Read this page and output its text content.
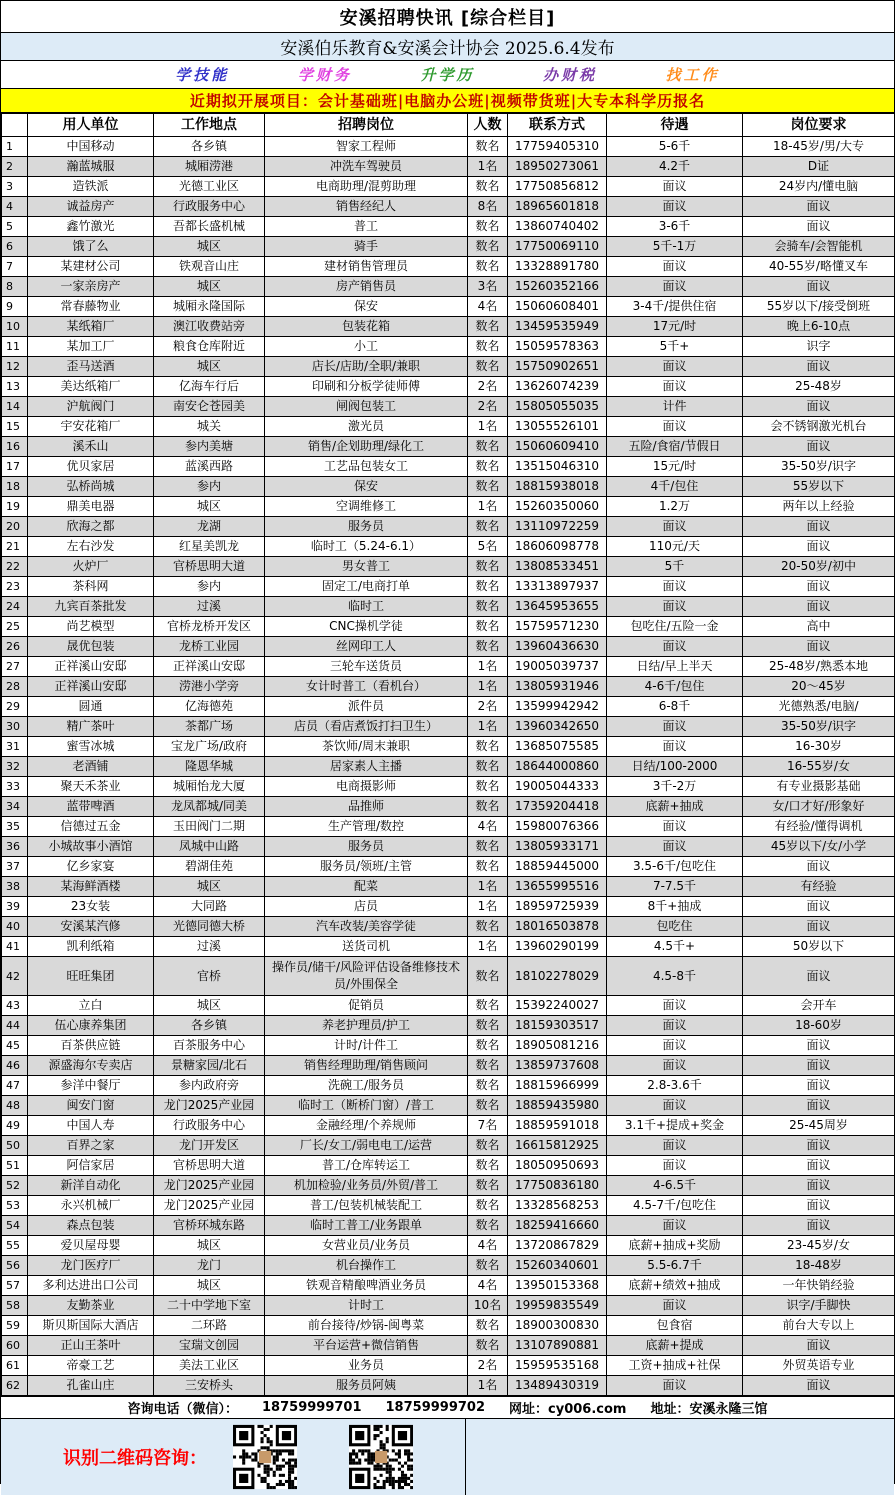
安溪招聘快讯 [综合栏目]
安溪伯乐教育&安溪会计协会 2025.6.4发布
学技能	学财务	升学历	办财税	找工作
近期拟开展项目：会计基础班|电脑办公班|视频带货班|大专本科学历报名
	用人单位	工作地点	招聘岗位	人数	联系方式	待遇	岗位要求
1	中国移动	各乡镇	智家工程师	数名	17759405310	5-6千	18-45岁/男/大专
2	瀚蓝城服	城厢涝港	冲洗车驾驶员	1名	18950273061	4.2千	D证
3	造铁派	光德工业区	电商助理/混剪助理	数名	17750856812	面议	24岁内/懂电脑
4	诚益房产	行政服务中心	销售经纪人	8名	18965601818	面议	面议
5	鑫竹激光	吾都长盛机械	普工	数名	13860740402	3-6千	面议
6	饿了么	城区	骑手	数名	17750069110	5千-1万	会骑车/会智能机
7	某建材公司	铁观音山庄	建材销售管理员	数名	13328891780	面议	40-55岁/略懂叉车
8	一家亲房产	城区	房产销售员	3名	15260352166	面议	面议
9	常春藤物业	城厢永隆国际	保安	4名	15060608401	3-4千/提供住宿	55岁以下/接受倒班
10	某纸箱厂	澳江收费站旁	包装花箱	数名	13459535949	17元/时	晚上6-10点
11	某加工厂	粮食仓库附近	小工	数名	15059578363	5千+	识字
12	歪马送酒	城区	店长/店助/全职/兼职	数名	15750902651	面议	面议
13	美达纸箱厂	亿海车行后	印刷和分板学徒师傅	2名	13626074239	面议	25-48岁
14	沪航阀门	南安仑苍园美	闸阀包装工	2名	15805055035	计件	面议
15	宇安花箱厂	城关	激光员	1名	13055526101	面议	会不锈钢激光机台
16	溪禾山	参内美塘	销售/企划助理/绿化工	数名	15060609410	五险/食宿/节假日	面议
17	优贝家居	蓝溪西路	工艺品包装女工	数名	13515046310	15元/时	35-50岁/识字
18	弘桥尚城	参内	保安	数名	18815938018	4千/包住	55岁以下
19	鼎美电器	城区	空调维修工	1名	15260350060	1.2万	两年以上经验
20	欣海之都	龙湖	服务员	数名	13110972259	面议	面议
21	左右沙发	红星美凯龙	临时工（5.24-6.1）	5名	18606098778	110元/天	面议
22	火炉厂	官桥思明大道	男女普工	数名	13808533451	5千	20-50岁/初中
23	茶科网	参内	固定工/电商打单	数名	13313897937	面议	面议
24	九宾百茶批发	过溪	临时工	数名	13645953655	面议	面议
25	尚艺模型	官桥龙桥开发区	CNC操机学徒	数名	15759571230	包吃住/五险一金	高中
26	晟优包装	龙桥工业园	丝网印工人	数名	13960436630	面议	面议
27	正祥溪山安邸	正祥溪山安邸	三轮车送货员	1名	19005039737	日结/早上半天	25-48岁/熟悉本地
28	正祥溪山安邸	涝港小学旁	女计时普工（看机台）	1名	13805931946	4-6千/包住	20～45岁
29	圆通	亿海德苑	派件员	2名	13599942942	6-8千	光德熟悉/电脑/
30	精广茶叶	茶都广场	店员（看店煮饭打扫卫生）	1名	13960342650	面议	35-50岁/识字
31	蜜雪冰城	宝龙广场/政府	茶饮师/周末兼职	数名	13685075585	面议	16-30岁
32	老酒铺	隆恩华城	居家素人主播	数名	18644000860	日结/100-2000	16-55岁/女
33	聚天禾茶业	城厢怡龙大厦	电商摄影师	数名	19005044333	3千-2万	有专业摄影基础
34	蓝带啤酒	龙凤都城/同美	品推师	数名	17359204418	底薪+抽成	女/口才好/形象好
35	信德过五金	玉田阀门二期	生产管理/数控	4名	15980076366	面议	有经验/懂得调机
36	小城故事小酒馆	凤城中山路	服务员	数名	13805933171	面议	45岁以下/女/小学
37	亿乡家宴	碧湖佳苑	服务员/领班/主管	数名	18859445000	3.5-6千/包吃住	面议
38	某海鲜酒楼	城区	配菜	1名	13655995516	7-7.5千	有经验
39	23女装	大同路	店员	1名	18959725939	8千+抽成	面议
40	安溪某汽修	光德同德大桥	汽车改装/美容学徒	数名	18016503878	包吃住	面议
41	凯利纸箱	过溪	送货司机	1名	13960290199	4.5千+	50岁以下
42	旺旺集团	官桥	操作员/储干/风险评估设备维修技术员/外围保全	数名	18102278029	4.5-8千	面议
43	立白	城区	促销员	数名	15392240027	面议	会开车
44	伍心康养集团	各乡镇	养老护理员/护工	数名	18159303517	面议	18-60岁
45	百茶供应链	百茶服务中心	计时/计件工	数名	18905081216	面议	面议
46	源盛海尔专卖店	景糖家园/北石	销售经理助理/销售顾问	数名	13859737608	面议	面议
47	参洋中餐厅	参内政府旁	洗碗工/服务员	数名	18815966999	2.8-3.6千	面议
48	闽安门窗	龙门2025产业园	临时工（断桥门窗）/普工	数名	18859435980	面议	面议
49	中国人寿	行政服务中心	金融经理/个养规师	7名	18859591018	3.1千+提成+奖金	25-45周岁
50	百界之家	龙门开发区	厂长/女工/弱电电工/运营	数名	16615812925	面议	面议
51	阿信家居	官桥思明大道	普工/仓库转运工	数名	18050950693	面议	面议
52	新洋自动化	龙门2025产业园	机加检验/业务员/外贸/普工	数名	17750836180	4-6.5千	面议
53	永兴机械厂	龙门2025产业园	普工/包装机械装配工	数名	13328568253	4.5-7千/包吃住	面议
54	森点包装	官桥环城东路	临时工普工/业务跟单	数名	18259416660	面议	面议
55	爱贝屋母婴	城区	女营业员/业务员	4名	13720867829	底薪+抽成+奖励	23-45岁/女
56	龙门医疗厂	龙门	机台操作工	数名	15260340601	5.5-6.7千	18-48岁
57	多利达进出口公司	城区	铁观音精酿啤酒业务员	4名	13950153368	底薪+绩效+抽成	一年快销经验
58	友勤茶业	二十中学地下室	计时工	10名	19959835549	面议	识字/手脚快
59	斯贝斯国际大酒店	二环路	前台接待/炒锅-闽粤菜	数名	18900300830	包食宿	前台大专以上
60	正山王茶叶	宝瑞文创园	平台运营+微信销售	数名	13107890881	底薪+提成	面议
61	帝豪工艺	美法工业区	业务员	2名	15959535168	工资+抽成+社保	外贸英语专业
62	孔雀山庄	三安桥头	服务员阿姨	1名	13489430319	面议	面议
咨询电话（微信）： 18759999701 18759999702 网址：cy006.com 地址：安溪永隆三馆
识别二维码咨询：
